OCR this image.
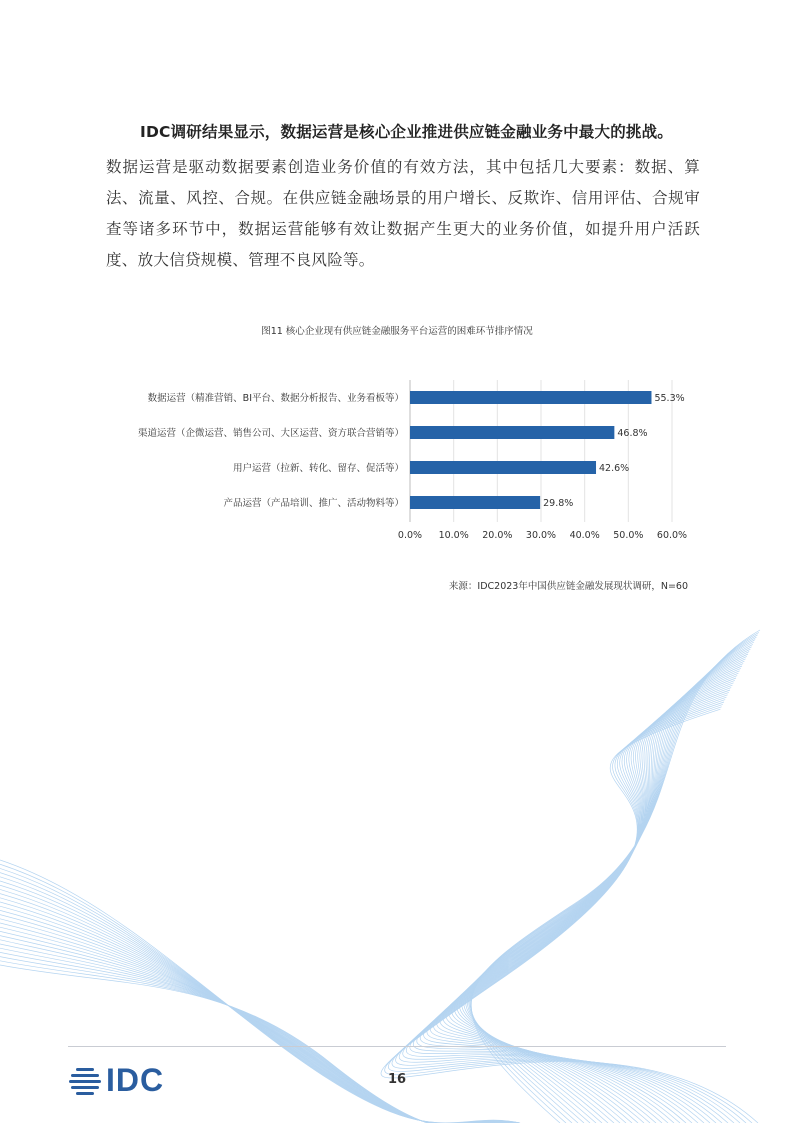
IDC调研结果显示，数据运营是核心企业推进供应链金融业务中最大的挑战。
数据运营是驱动数据要素创造业务价值的有效方法，其中包括几大要素：数据、算法、流量、风控、合规。在供应链金融场景的用户增长、反欺诈、信用评估、合规审查等诸多环节中，数据运营能够有效让数据产生更大的业务价值，如提升用户活跃度、放大信贷规模、管理不良风险等。
图11 核心企业现有供应链金融服务平台运营的困难环节排序情况
0.0% 10.0% 20.0% 30.0% 40.0% 50.0% 60.0%
数据运营（精准营销、BI平台、数据分析报告、业务看板等）	55.3%
渠道运营（企微运营、销售公司、大区运营、资方联合营销等）	46.8%
用户运营（拉新、转化、留存、促活等）	42.6%
产品运营（产品培训、推广、活动物料等）	29.8%
来源：IDC2023年中国供应链金融发展现状调研，N=60
IDC	16
